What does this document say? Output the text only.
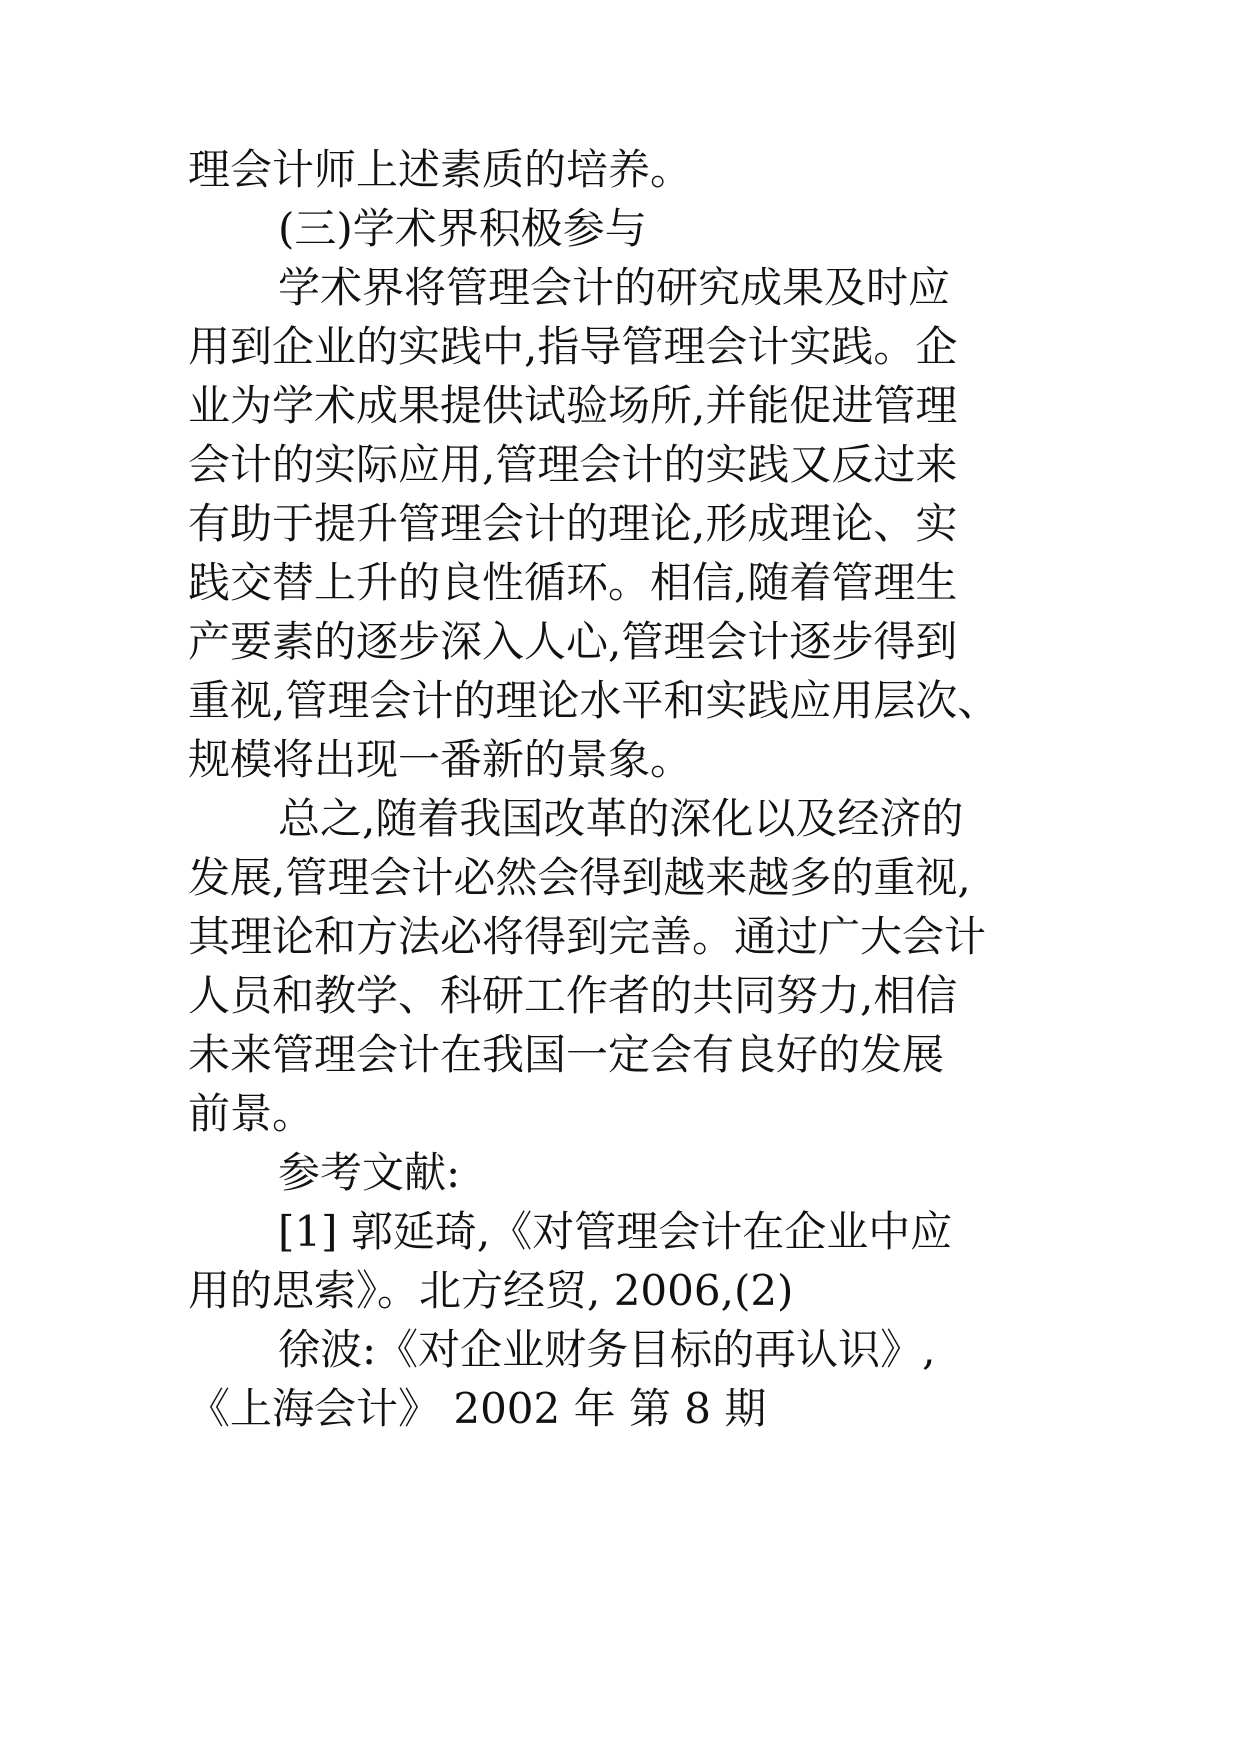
理会计师上述素质的培养。
(三)学术界积极参与
学术界将管理会计的研究成果及时应
用到企业的实践中,指导管理会计实践。企
业为学术成果提供试验场所,并能促进管理
会计的实际应用,管理会计的实践又反过来
有助于提升管理会计的理论,形成理论、实
践交替上升的良性循环。相信,随着管理生
产要素的逐步深入人心,管理会计逐步得到
重视,管理会计的理论水平和实践应用层次、
规模将出现一番新的景象。
总之,随着我国改革的深化以及经济的
发展,管理会计必然会得到越来越多的重视,
其理论和方法必将得到完善。通过广大会计
人员和教学、科研工作者的共同努力,相信
未来管理会计在我国一定会有良好的发展
前景。
参考文献:
[1] 郭延琦,《对管理会计在企业中应
用的思索》。北方经贸, 2006,(2)
徐波:《对企业财务目标的再认识》,
《上海会计》 2002 年 第 8 期
